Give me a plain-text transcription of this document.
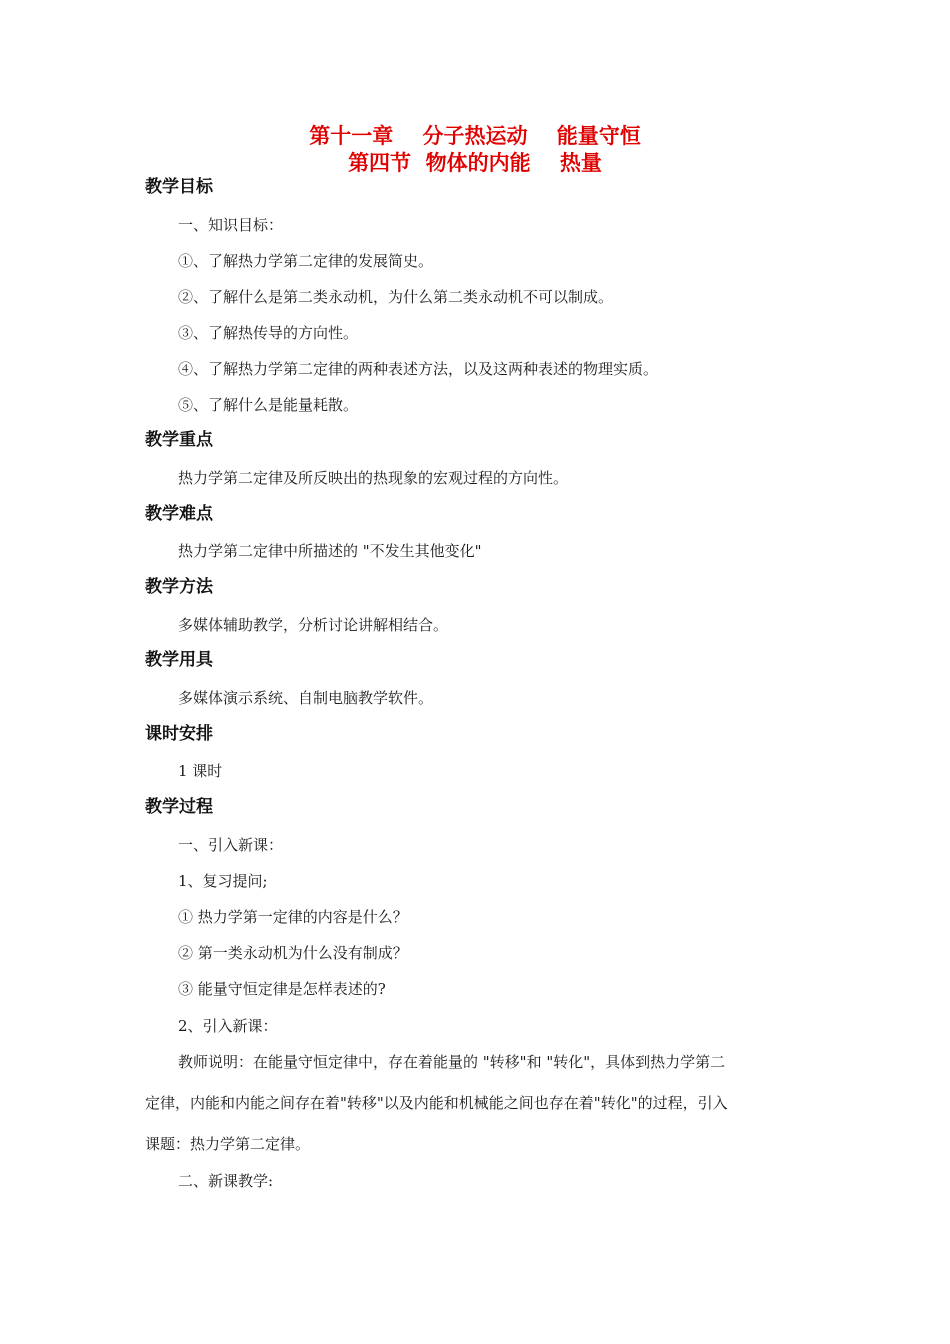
第十一章    分子热运动    能量守恒
第四节  物体的内能    热量
教学目标
一、知识目标：
①、了解热力学第二定律的发展简史。
②、了解什么是第二类永动机，为什么第二类永动机不可以制成。
③、了解热传导的方向性。
④、了解热力学第二定律的两种表述方法，以及这两种表述的物理实质。
⑤、了解什么是能量耗散。
教学重点
热力学第二定律及所反映出的热现象的宏观过程的方向性。
教学难点
热力学第二定律中所描述的 "不发生其他变化"
教学方法
多媒体辅助教学，分析讨论讲解相结合。
教学用具
多媒体演示系统、自制电脑教学软件。
课时安排
1 课时
教学过程
一、引入新课：
1、复习提问;
① 热力学第一定律的内容是什么？
② 第一类永动机为什么没有制成？
③ 能量守恒定律是怎样表述的?
2、引入新课：
教师说明：在能量守恒定律中，存在着能量的 "转移"和 "转化"，具体到热力学第二
定律，内能和内能之间存在着"转移"以及内能和机械能之间也存在着"转化"的过程，引入
课题：热力学第二定律。
二、新课教学:
